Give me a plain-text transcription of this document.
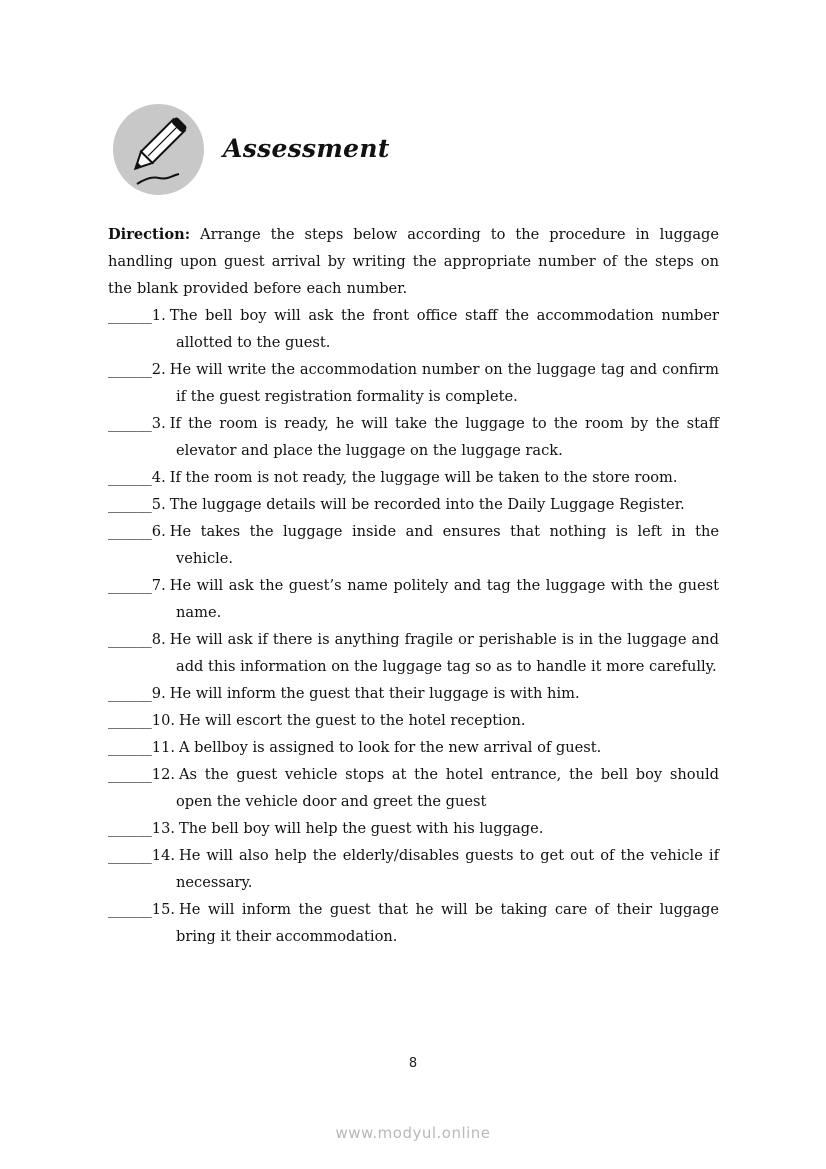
Assessment

Direction: Arrange the steps below according to the procedure in luggage handling upon guest arrival by writing the appropriate number of the steps on the blank provided before each number.

______ 1. The bell boy will ask the front office staff the accommodation number allotted to the guest.
______ 2. He will write the accommodation number on the luggage tag and confirm if the guest registration formality is complete.
______ 3. If the room is ready, he will take the luggage to the room by the staff elevator and place the luggage on the luggage rack.
______ 4. If the room is not ready, the luggage will be taken to the store room.
______ 5. The luggage details will be recorded into the Daily Luggage Register.
______ 6. He takes the luggage inside and ensures that nothing is left in the vehicle.
______ 7. He will ask the guest’s name politely and tag the luggage with the guest name.
______ 8. He will ask if there is anything fragile or perishable is in the luggage and add this information on the luggage tag so as to handle it more carefully.
______ 9. He will inform the guest that their luggage is with him.
______ 10. He will escort the guest to the hotel reception.
______ 11. A bellboy is assigned to look for the new arrival of guest.
______ 12. As the guest vehicle stops at the hotel entrance, the bell boy should open the vehicle door and greet the guest
______ 13. The bell boy will help the guest with his luggage.
______ 14. He will also help the elderly/disables guests to get out of the vehicle if necessary.
______ 15. He will inform the guest that he will be taking care of their luggage bring it their accommodation.
8
www.modyul.online
